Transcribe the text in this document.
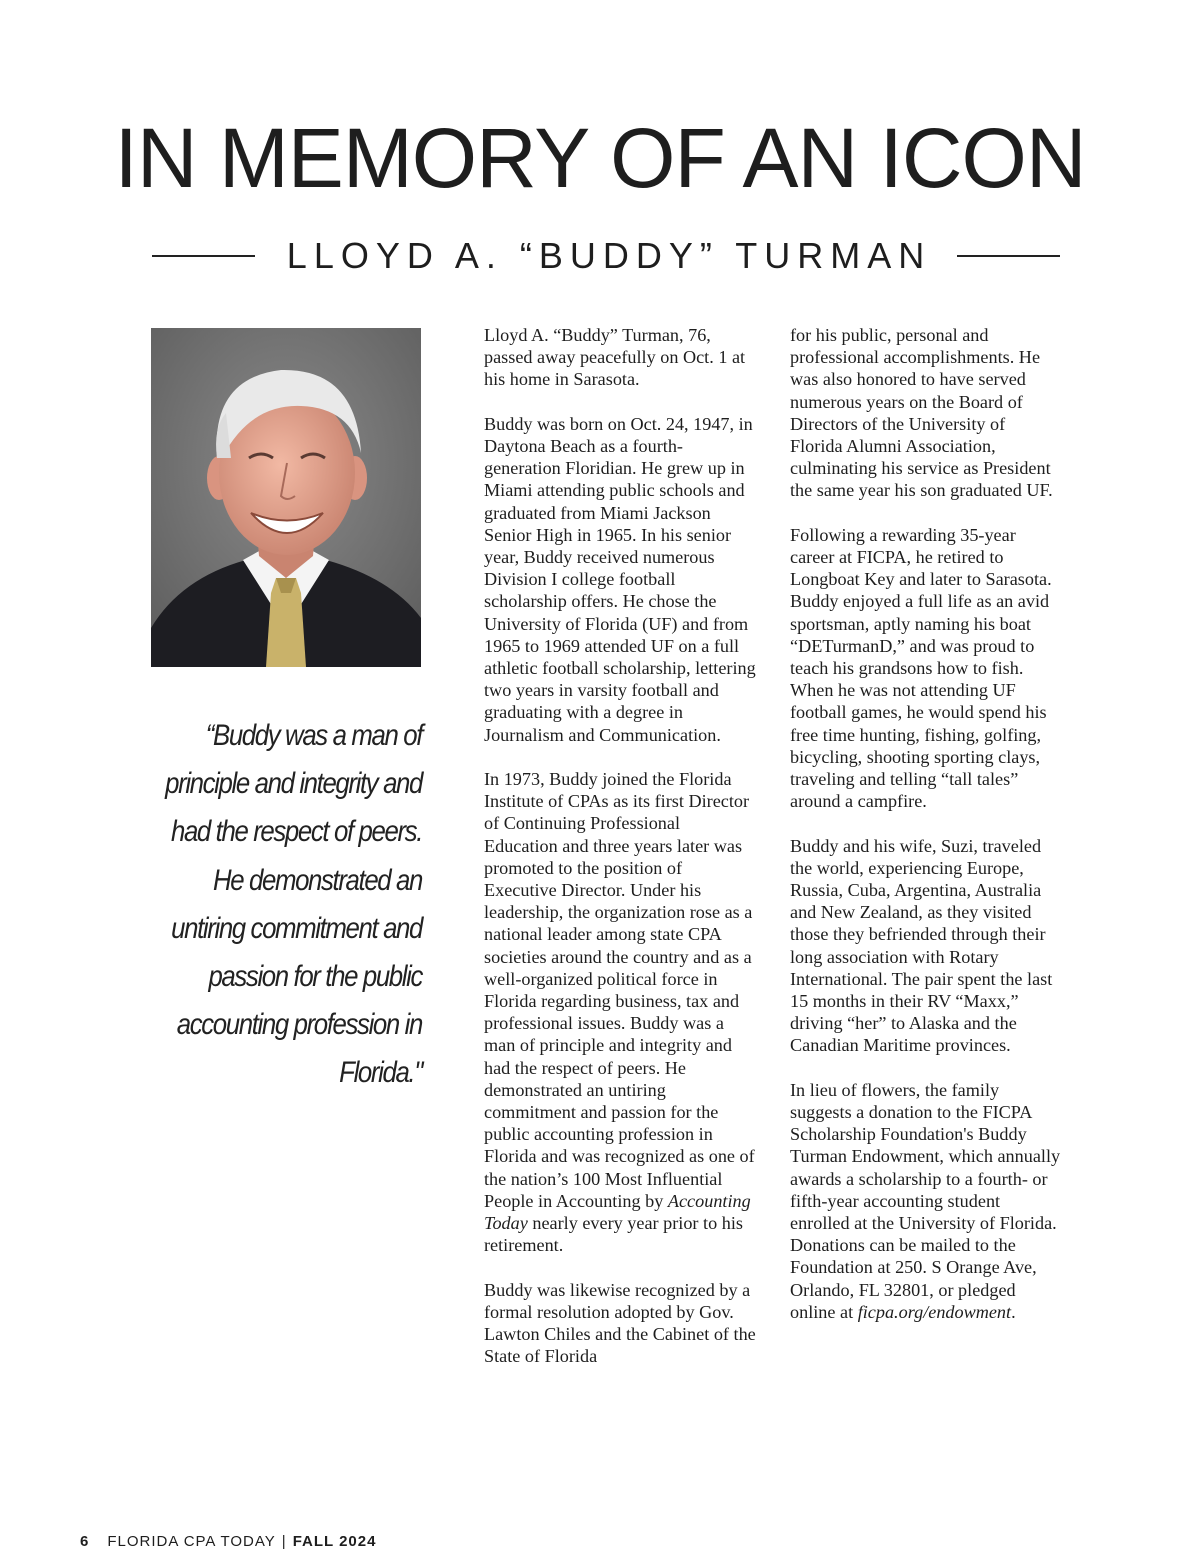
IN MEMORY OF AN ICON
LLOYD A. “BUDDY” TURMAN

“Buddy was a man of principle and integrity and had the respect of peers. He demonstrated an untiring commitment and passion for the public accounting profession in Florida."

Lloyd A. “Buddy” Turman, 76, passed away peacefully on Oct. 1 at his home in Sarasota.

Buddy was born on Oct. 24, 1947, in Daytona Beach as a fourth-generation Floridian. He grew up in Miami attending public schools and graduated from Miami Jackson Senior High in 1965. In his senior year, Buddy received numerous Division I college football scholarship offers. He chose the University of Florida (UF) and from 1965 to 1969 attended UF on a full athletic football scholarship, lettering two years in varsity football and graduating with a degree in Journalism and Communication.

In 1973, Buddy joined the Florida Institute of CPAs as its first Director of Continuing Professional Education and three years later was promoted to the position of Executive Director. Under his leadership, the organization rose as a national leader among state CPA societies around the country and as a well-organized political force in Florida regarding business, tax and professional issues. Buddy was a man of principle and integrity and had the respect of peers. He demonstrated an untiring commitment and passion for the public accounting profession in Florida and was recognized as one of the nation’s 100 Most Influential People in Accounting by Accounting Today nearly every year prior to his retirement.

Buddy was likewise recognized by a formal resolution adopted by Gov. Lawton Chiles and the Cabinet of the State of Florida

for his public, personal and professional accomplishments. He was also honored to have served numerous years on the Board of Directors of the University of Florida Alumni Association, culminating his service as President the same year his son graduated UF.

Following a rewarding 35-year career at FICPA, he retired to Longboat Key and later to Sarasota. Buddy enjoyed a full life as an avid sportsman, aptly naming his boat “DETurmanD,” and was proud to teach his grandsons how to fish. When he was not attending UF football games, he would spend his free time hunting, fishing, golfing, bicycling, shooting sporting clays, traveling and telling “tall tales” around a campfire.

Buddy and his wife, Suzi, traveled the world, experiencing Europe, Russia, Cuba, Argentina, Australia and New Zealand, as they visited those they befriended through their long association with Rotary International. The pair spent the last 15 months in their RV “Maxx,” driving “her” to Alaska and the Canadian Maritime provinces.

In lieu of flowers, the family suggests a donation to the FICPA Scholarship Foundation's Buddy Turman Endowment, which annually awards a scholarship to a fourth- or fifth-year accounting student enrolled at the University of Florida. Donations can be mailed to the Foundation at 250. S Orange Ave, Orlando, FL 32801, or pledged online at ficpa.org/endowment.

6 FLORIDA CPA TODAY | FALL 2024
